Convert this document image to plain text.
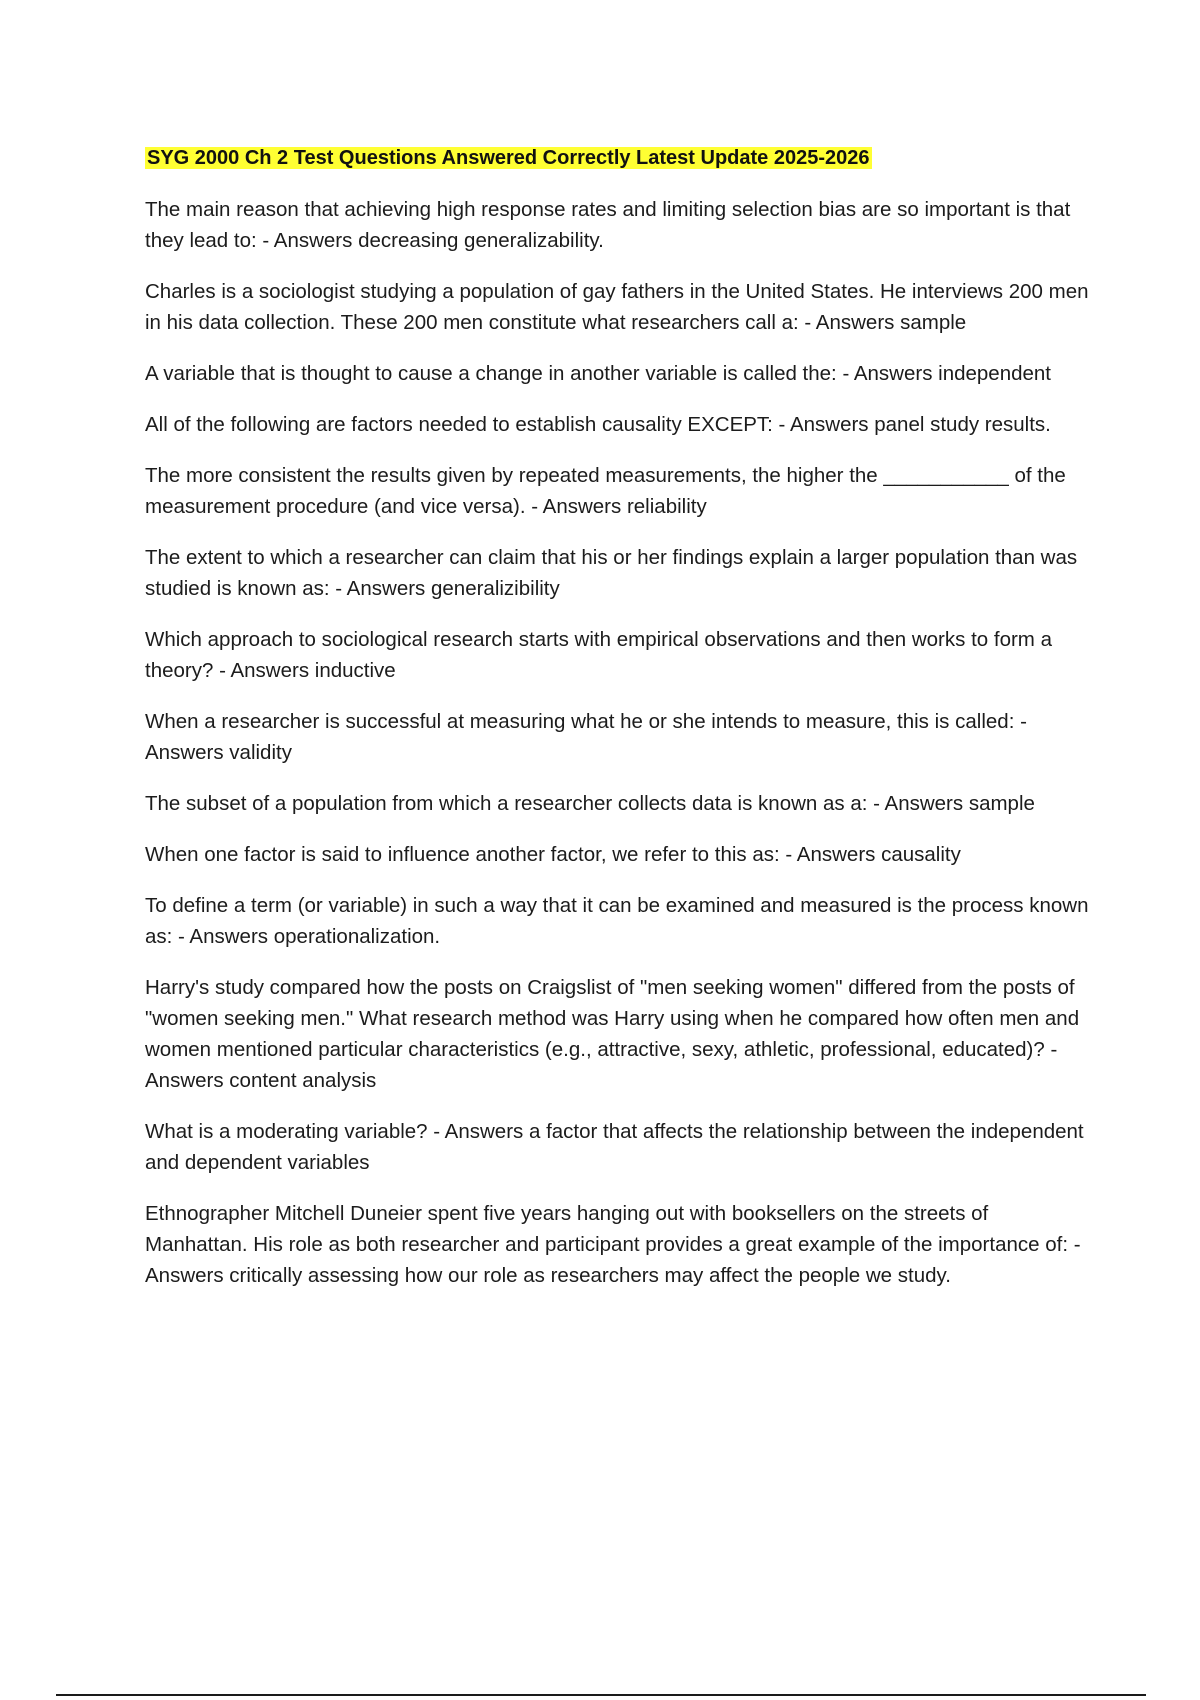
SYG 2000 Ch 2 Test Questions Answered Correctly Latest Update 2025-2026

The main reason that achieving high response rates and limiting selection bias are so important is that they lead to: - Answers decreasing generalizability.

Charles is a sociologist studying a population of gay fathers in the United States. He interviews 200 men in his data collection. These 200 men constitute what researchers call a: - Answers sample

A variable that is thought to cause a change in another variable is called the: - Answers independent

All of the following are factors needed to establish causality EXCEPT: - Answers panel study results.

The more consistent the results given by repeated measurements, the higher the ___________ of the measurement procedure (and vice versa). - Answers reliability

The extent to which a researcher can claim that his or her findings explain a larger population than was studied is known as: - Answers generalizibility

Which approach to sociological research starts with empirical observations and then works to form a theory? - Answers inductive

When a researcher is successful at measuring what he or she intends to measure, this is called: - Answers validity

The subset of a population from which a researcher collects data is known as a: - Answers sample

When one factor is said to influence another factor, we refer to this as: - Answers causality

To define a term (or variable) in such a way that it can be examined and measured is the process known as: - Answers operationalization.

Harry's study compared how the posts on Craigslist of "men seeking women" differed from the posts of "women seeking men." What research method was Harry using when he compared how often men and women mentioned particular characteristics (e.g., attractive, sexy, athletic, professional, educated)? - Answers content analysis

What is a moderating variable? - Answers a factor that affects the relationship between the independent and dependent variables

Ethnographer Mitchell Duneier spent five years hanging out with booksellers on the streets of Manhattan. His role as both researcher and participant provides a great example of the importance of: - Answers critically assessing how our role as researchers may affect the people we study.
